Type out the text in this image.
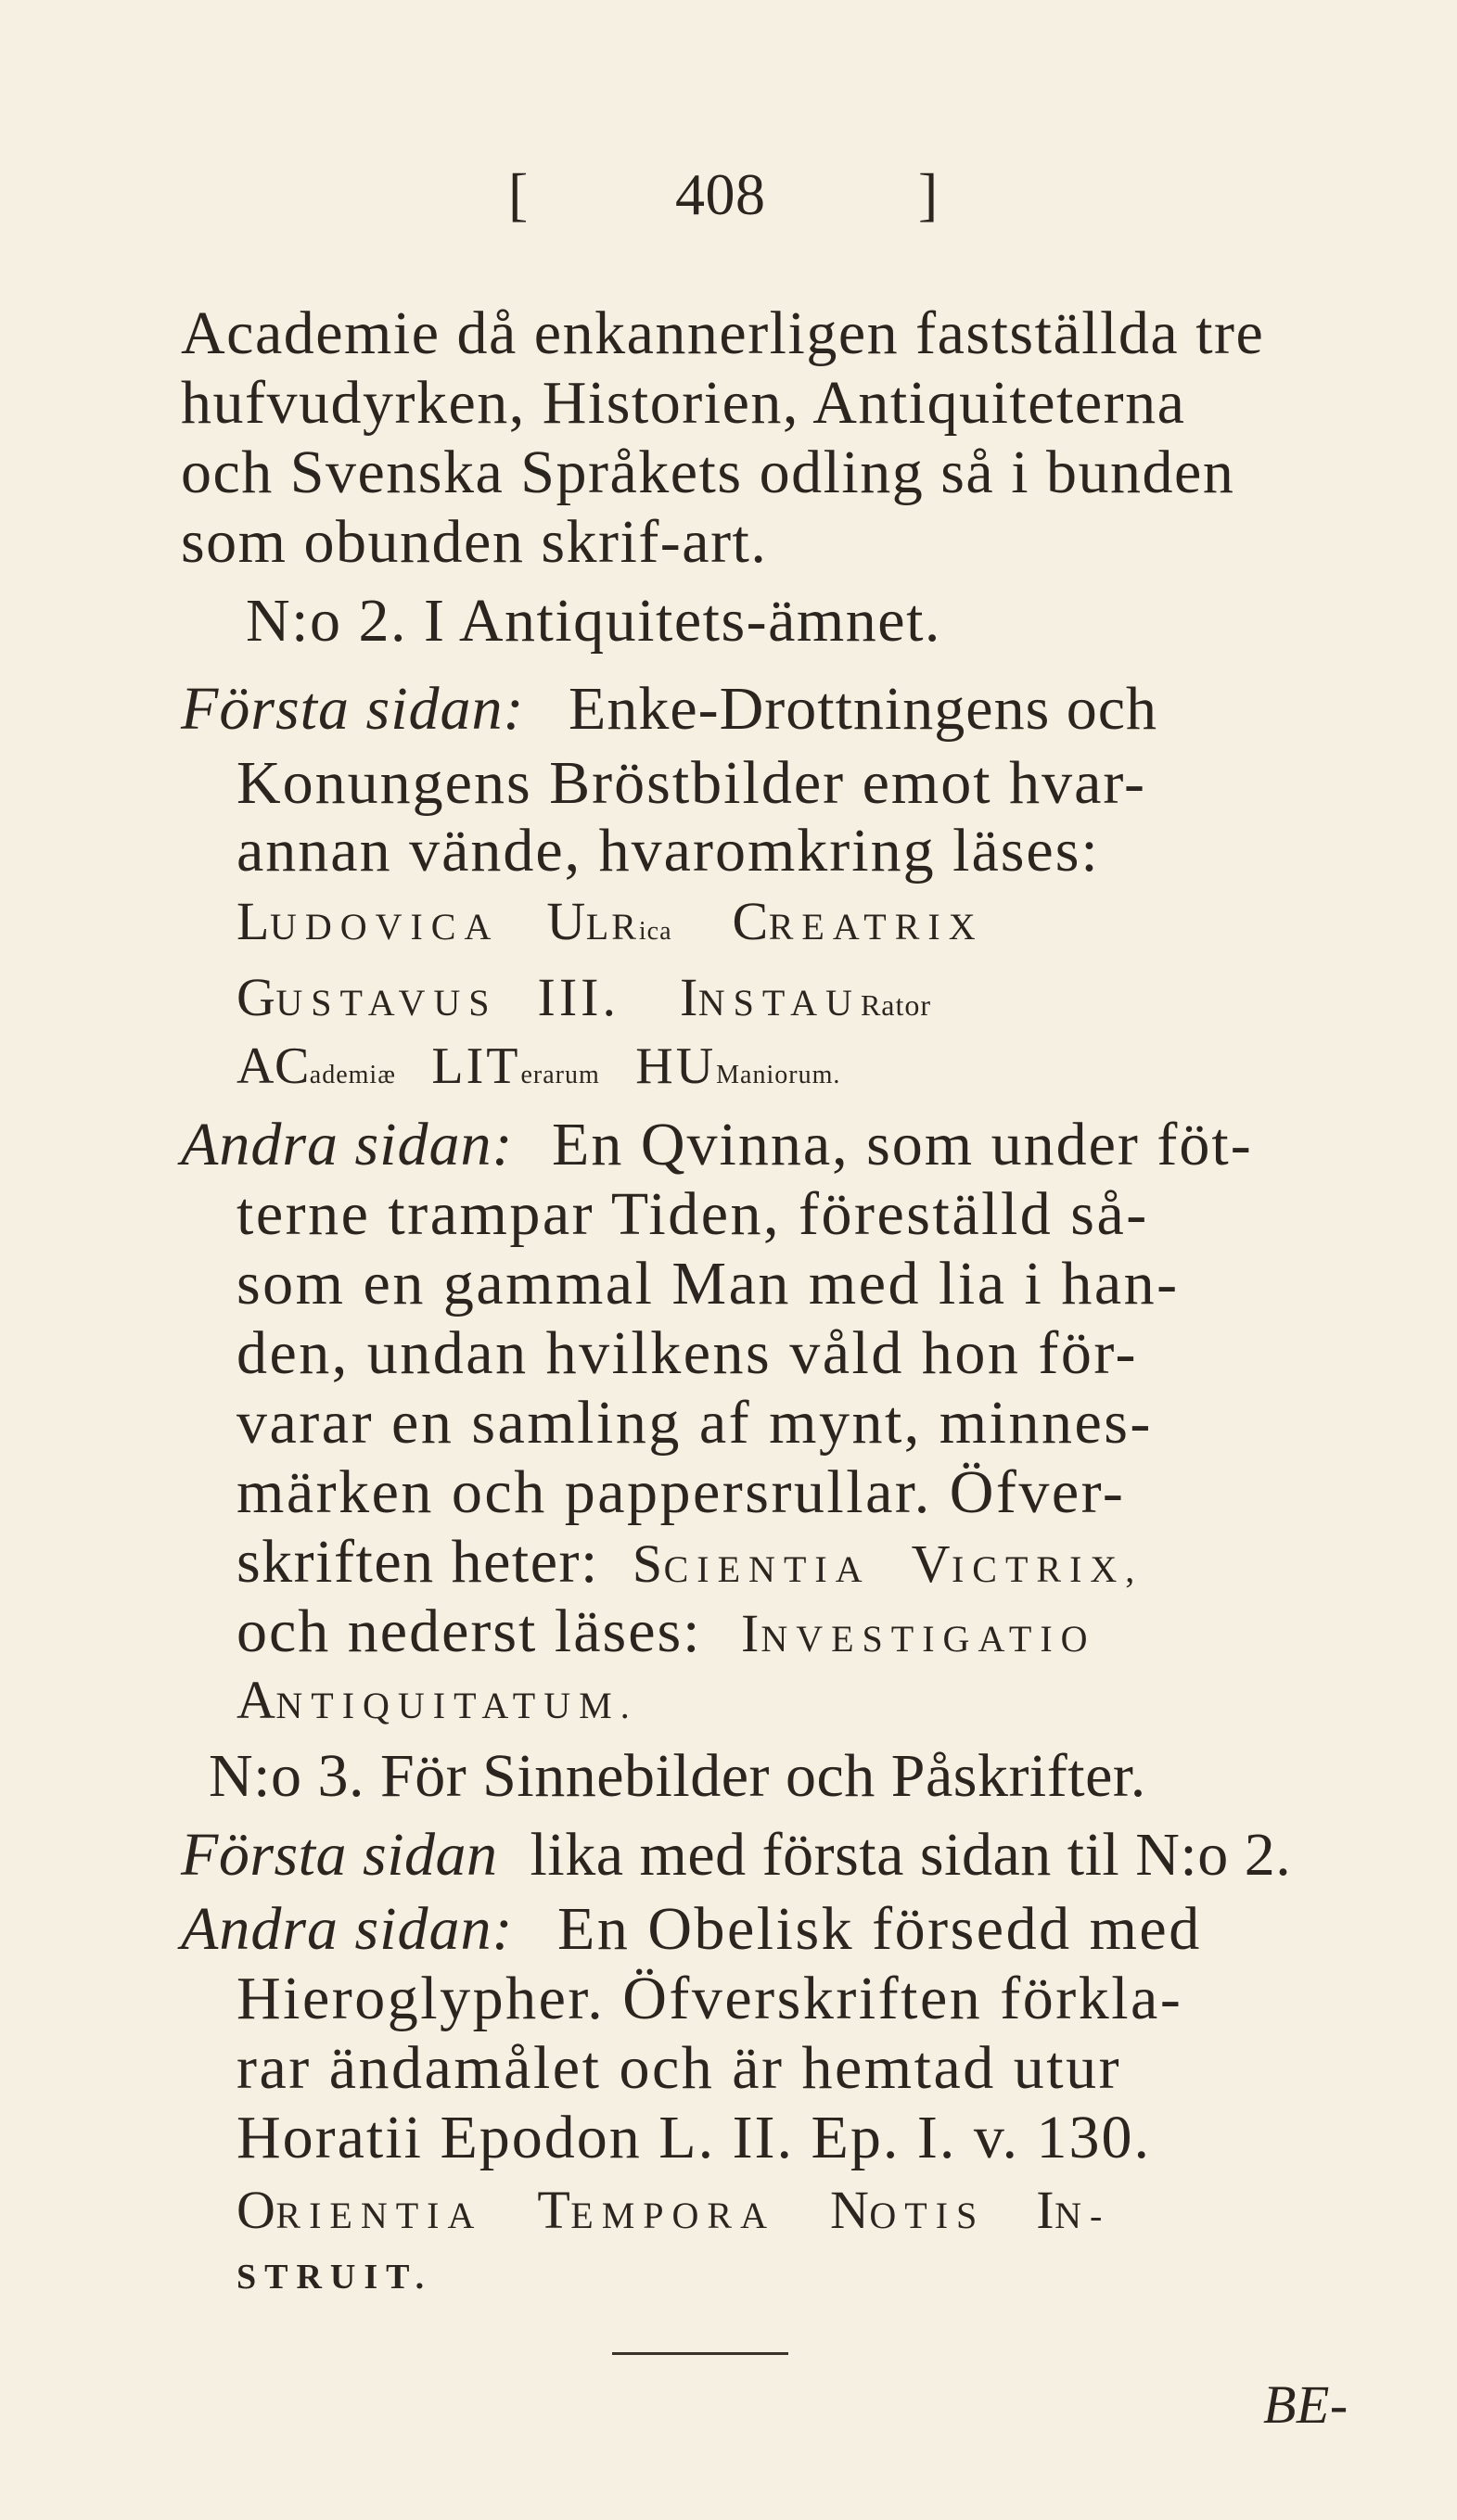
[ 408	]
Academie då enkannerligen fastställda tre
hufvudyrken, Historien, Antiquiteterna
och Svenska Språkets odling så i bunden
som obunden skrif-art.
N:o 2. I Antiquitets-ämnet.
Första sidan: Enke-Drottningens och
Konungens Bröstbilder emot hvar-
annan vände, hvaromkring läses:
LUDOVICA ULRica CREATRIX
GUSTAVUS III. INSTAURator
ACademiæ LITerarum HUManiorum.
Andra sidan: En Qvinna, som under föt-
terne trampar Tiden, föreställd så-
som en gammal Man med lia i han-
den, undan hvilkens våld hon för-
varar en samling af mynt, minnes-
märken och pappersrullar. Öfver-
skriften heter: SCIENTIA VICTRIX,
och nederst läses: INVESTIGATIO
ANTIQUITATUM.
N:o 3. För Sinnebilder och Påskrifter.
Första sidan lika med första sidan til N:o 2.
Andra sidan: En Obelisk försedd med
Hieroglypher. Öfverskriften förkla-
rar ändamålet och är hemtad utur
Horatii Epodon L. II. Ep. I. v. 130.
ORIENTIA TEMPORA NOTIS IN-
STRUIT.
BE-
